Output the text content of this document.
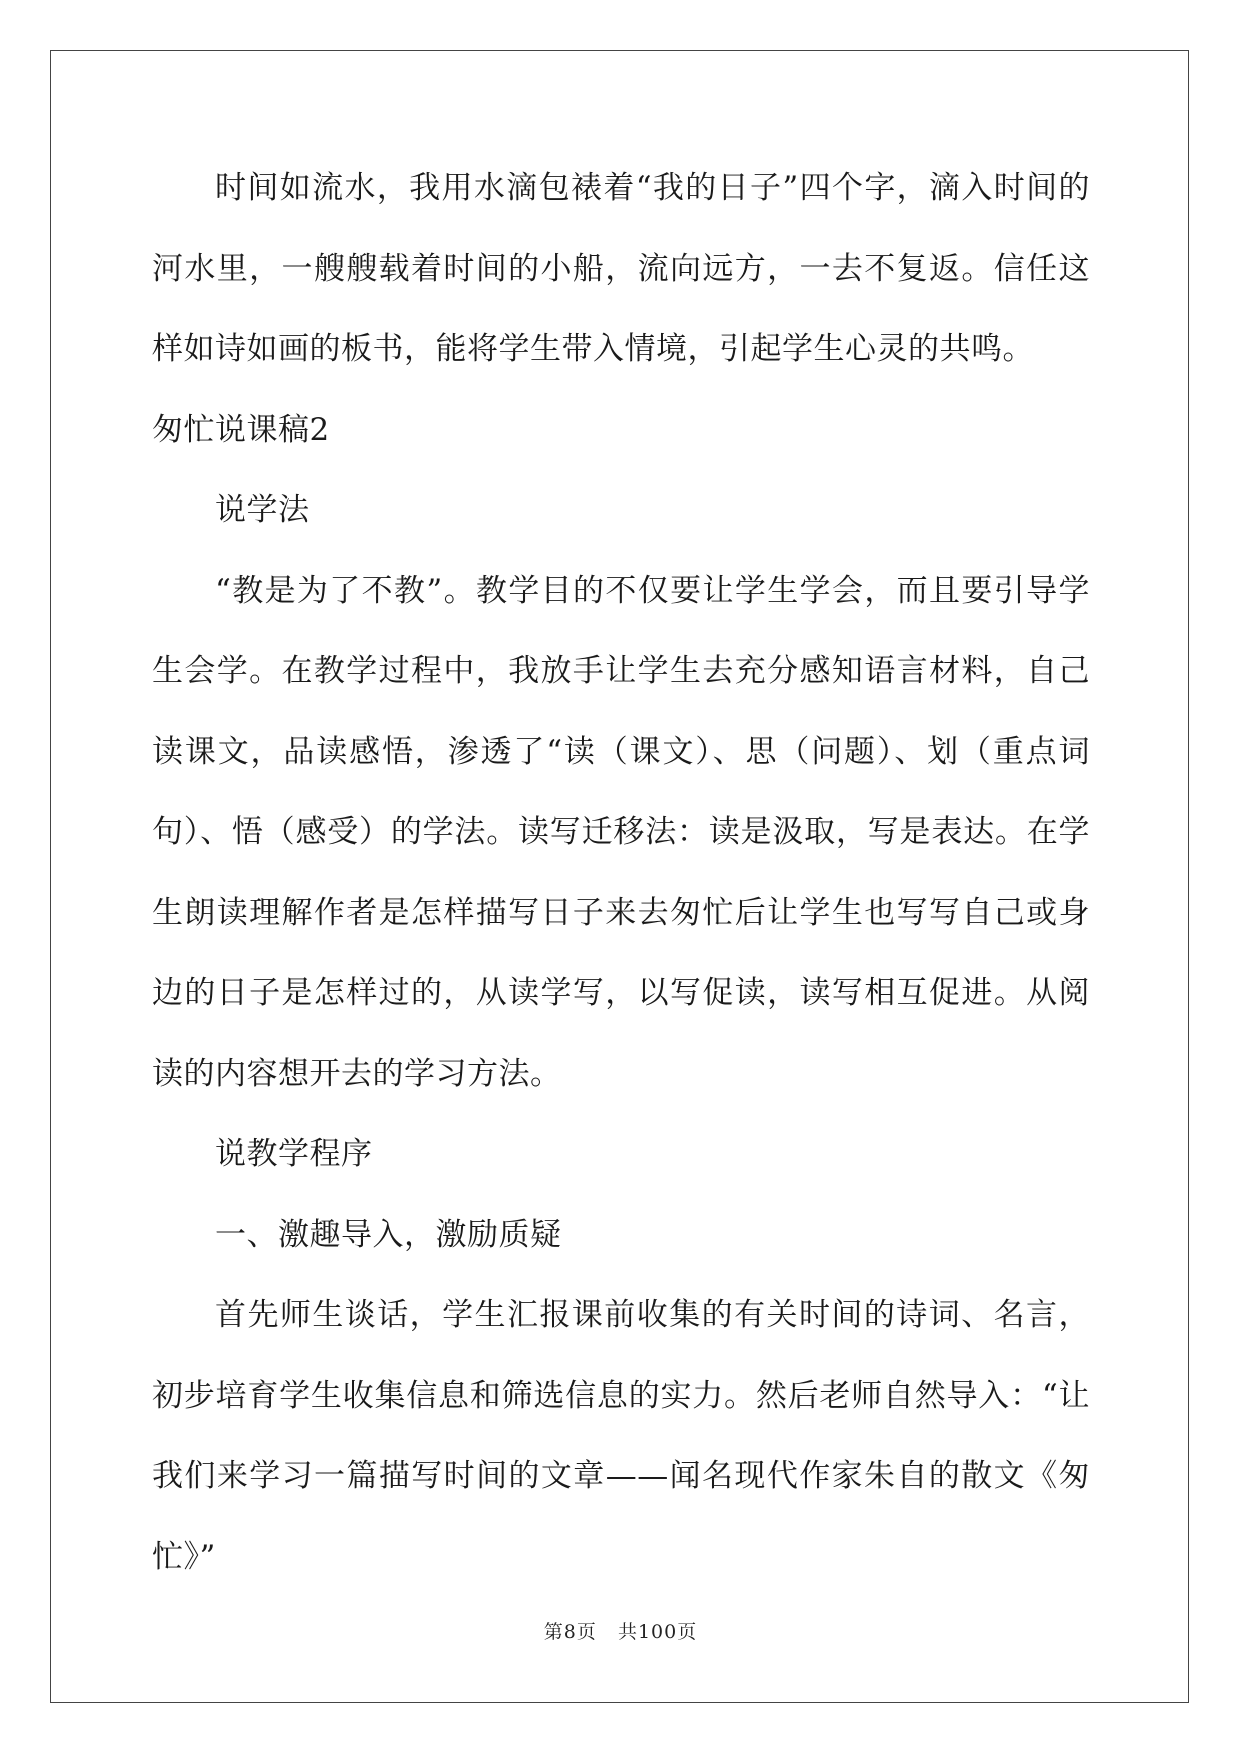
时间如流水，我用水滴包裱着“我的日子”四个字，滴入时间的河水里，一艘艘载着时间的小船，流向远方，一去不复返。信任这样如诗如画的板书，能将学生带入情境，引起学生心灵的共鸣。

匆忙说课稿2

说学法

“教是为了不教”。教学目的不仅要让学生学会，而且要引导学生会学。在教学过程中，我放手让学生去充分感知语言材料，自己读课文，品读感悟，渗透了“读（课文）、思（问题）、划（重点词句）、悟（感受）的学法。读写迁移法：读是汲取，写是表达。在学生朗读理解作者是怎样描写日子来去匆忙后让学生也写写自己或身边的日子是怎样过的，从读学写，以写促读，读写相互促进。从阅读的内容想开去的学习方法。

说教学程序

一、激趣导入，激励质疑

首先师生谈话，学生汇报课前收集的有关时间的诗词、名言，初步培育学生收集信息和筛选信息的实力。然后老师自然导入：“让我们来学习一篇描写时间的文章——闻名现代作家朱自的散文《匆忙》”

第8页   共100页
